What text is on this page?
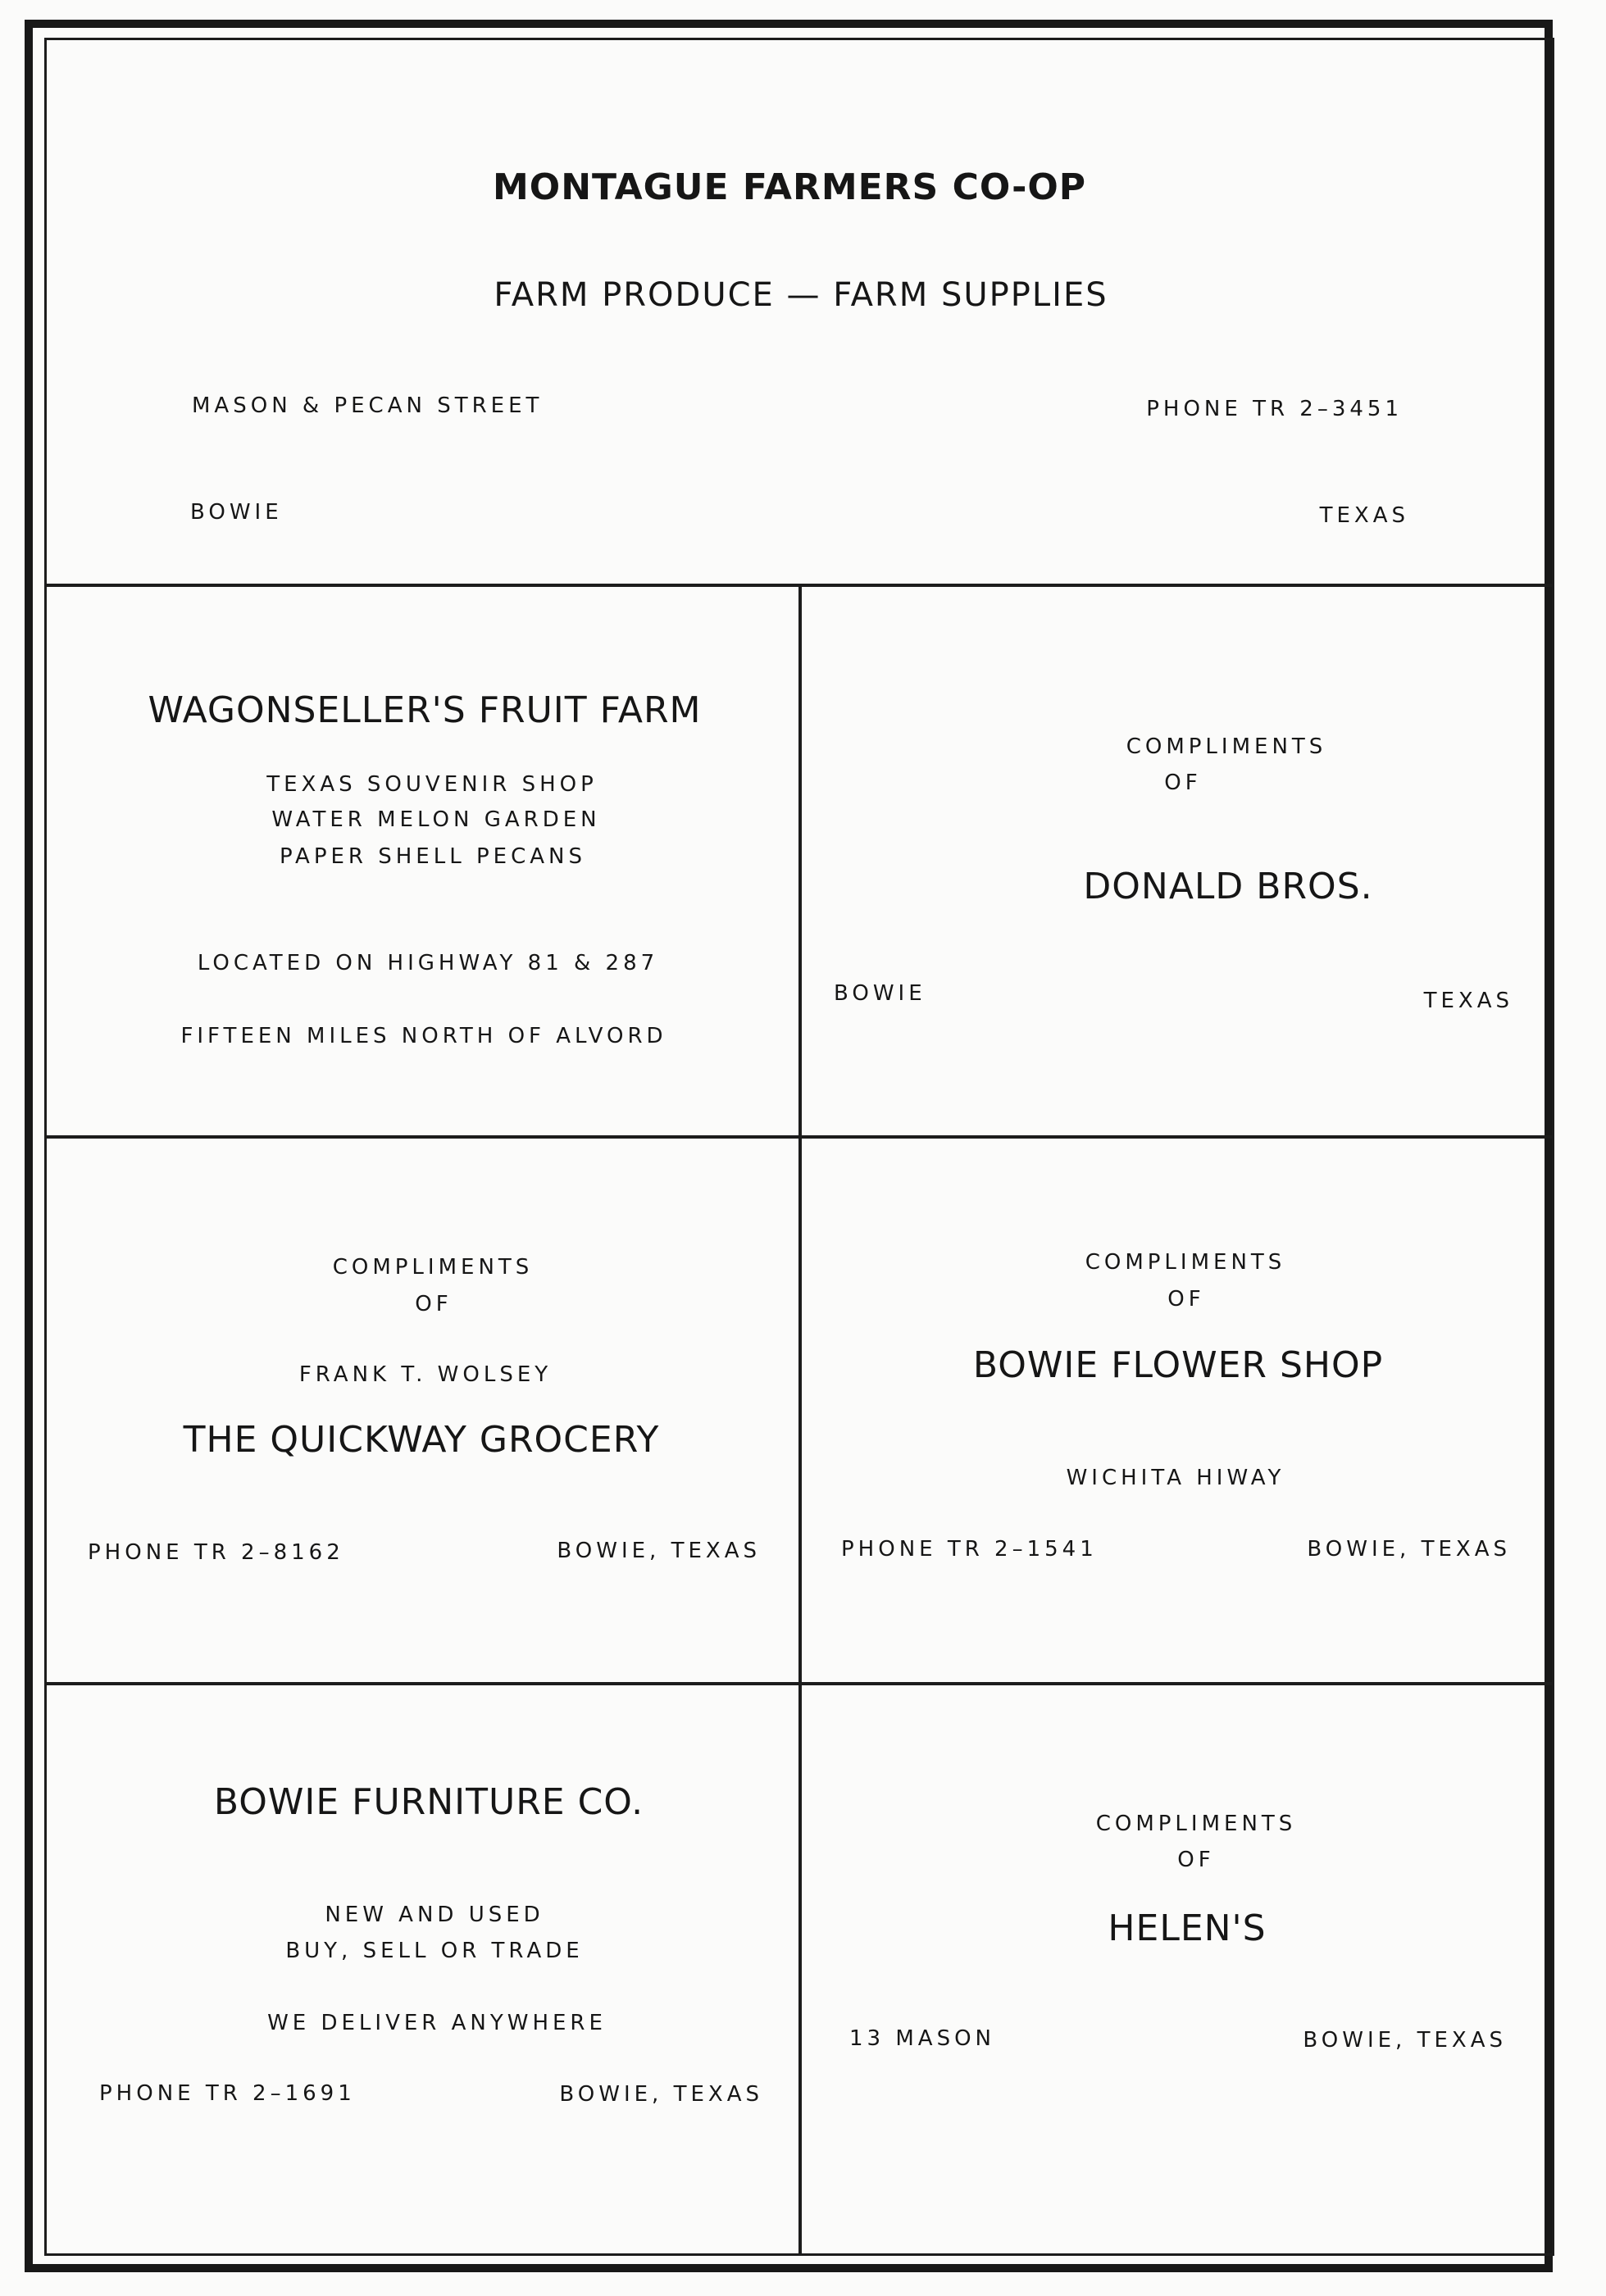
MONTAGUE FARMERS CO-OP
FARM PRODUCE — FARM SUPPLIES
MASON & PECAN STREET	PHONE TR 2–3451
BOWIE	TEXAS
WAGONSELLER'S FRUIT FARM
TEXAS SOUVENIR SHOP
WATER MELON GARDEN
PAPER SHELL PECANS
LOCATED ON HIGHWAY 81 & 287
FIFTEEN MILES NORTH OF ALVORD
COMPLIMENTS
OF
DONALD BROS.
BOWIE	TEXAS
COMPLIMENTS
OF
FRANK T. WOLSEY
THE QUICKWAY GROCERY
PHONE TR 2–8162	BOWIE, TEXAS
COMPLIMENTS
OF
BOWIE FLOWER SHOP
WICHITA HIWAY
PHONE TR 2–1541	BOWIE, TEXAS
BOWIE FURNITURE CO.
NEW AND USED
BUY, SELL OR TRADE
WE DELIVER ANYWHERE
PHONE TR 2–1691	BOWIE, TEXAS
COMPLIMENTS
OF
HELEN'S
13 MASON	BOWIE, TEXAS
